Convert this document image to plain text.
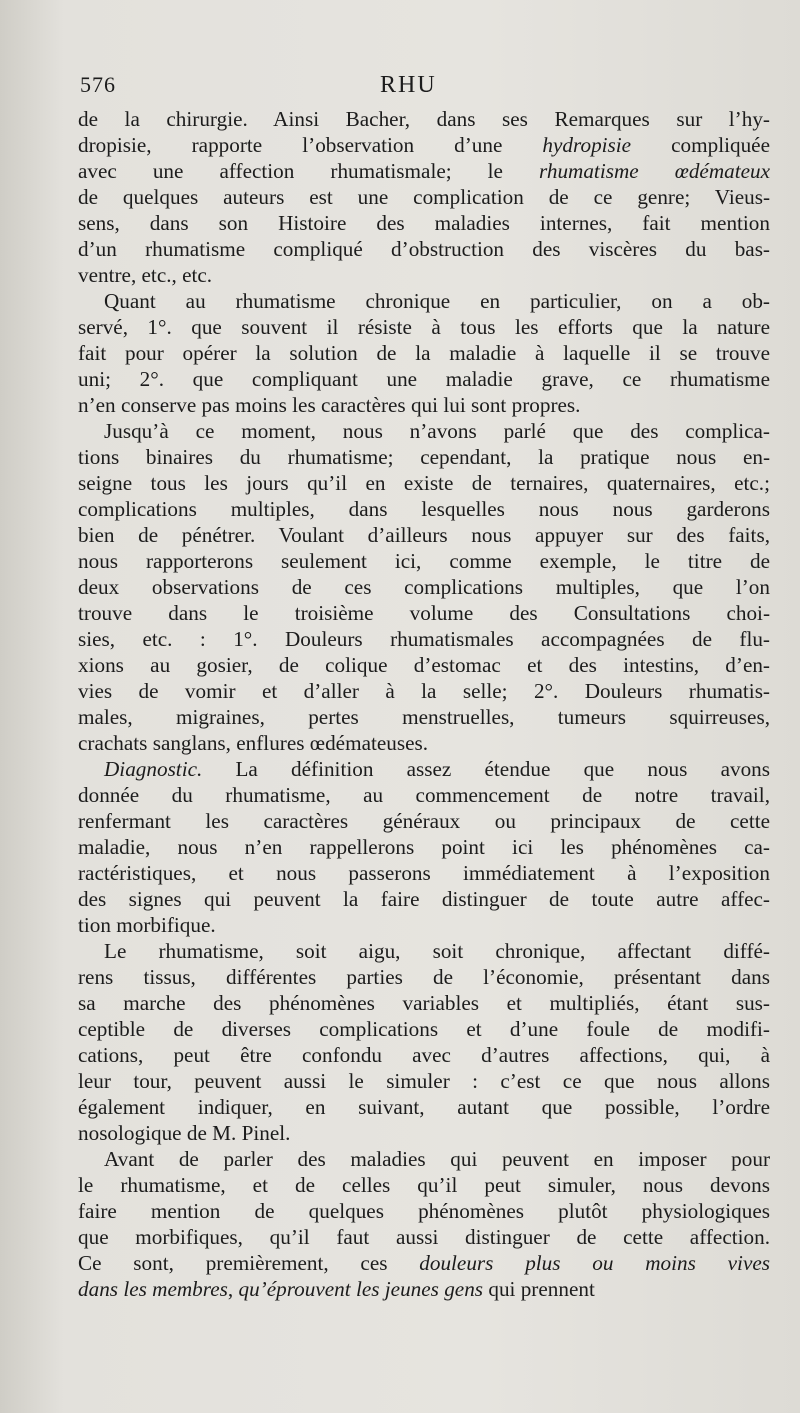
576	RHU

de la chirurgie. Ainsi Bacher, dans ses Remarques sur l’hy-
dropisie, rapporte l’observation d’une hydropisie compliquée
avec une affection rhumatismale; le rhumatisme œdémateux
de quelques auteurs est une complication de ce genre; Vieus-
sens, dans son Histoire des maladies internes, fait mention
d’un rhumatisme compliqué d’obstruction des viscères du bas-
ventre, etc., etc.

Quant au rhumatisme chronique en particulier, on a ob-
servé, 1°. que souvent il résiste à tous les efforts que la nature
fait pour opérer la solution de la maladie à laquelle il se trouve
uni; 2°. que compliquant une maladie grave, ce rhumatisme
n’en conserve pas moins les caractères qui lui sont propres.

Jusqu’à ce moment, nous n’avons parlé que des complica-
tions binaires du rhumatisme; cependant, la pratique nous en-
seigne tous les jours qu’il en existe de ternaires, quaternaires, etc.;
complications multiples, dans lesquelles nous nous garderons
bien de pénétrer. Voulant d’ailleurs nous appuyer sur des faits,
nous rapporterons seulement ici, comme exemple, le titre de
deux observations de ces complications multiples, que l’on
trouve dans le troisième volume des Consultations choi-
sies, etc. : 1°. Douleurs rhumatismales accompagnées de flu-
xions au gosier, de colique d’estomac et des intestins, d’en-
vies de vomir et d’aller à la selle; 2°. Douleurs rhumatis-
males, migraines, pertes menstruelles, tumeurs squirreuses,
crachats sanglans, enflures œdémateuses.

Diagnostic. La définition assez étendue que nous avons
donnée du rhumatisme, au commencement de notre travail,
renfermant les caractères généraux ou principaux de cette
maladie, nous n’en rappellerons point ici les phénomènes ca-
ractéristiques, et nous passerons immédiatement à l’exposition
des signes qui peuvent la faire distinguer de toute autre affec-
tion morbifique.

Le rhumatisme, soit aigu, soit chronique, affectant diffé-
rens tissus, différentes parties de l’économie, présentant dans
sa marche des phénomènes variables et multipliés, étant sus-
ceptible de diverses complications et d’une foule de modifi-
cations, peut être confondu avec d’autres affections, qui, à
leur tour, peuvent aussi le simuler : c’est ce que nous allons
également indiquer, en suivant, autant que possible, l’ordre
nosologique de M. Pinel.

Avant de parler des maladies qui peuvent en imposer pour
le rhumatisme, et de celles qu’il peut simuler, nous devons
faire mention de quelques phénomènes plutôt physiologiques
que morbifiques, qu’il faut aussi distinguer de cette affection.
Ce sont, premièrement, ces douleurs plus ou moins vives
dans les membres, qu’éprouvent les jeunes gens qui prennent
